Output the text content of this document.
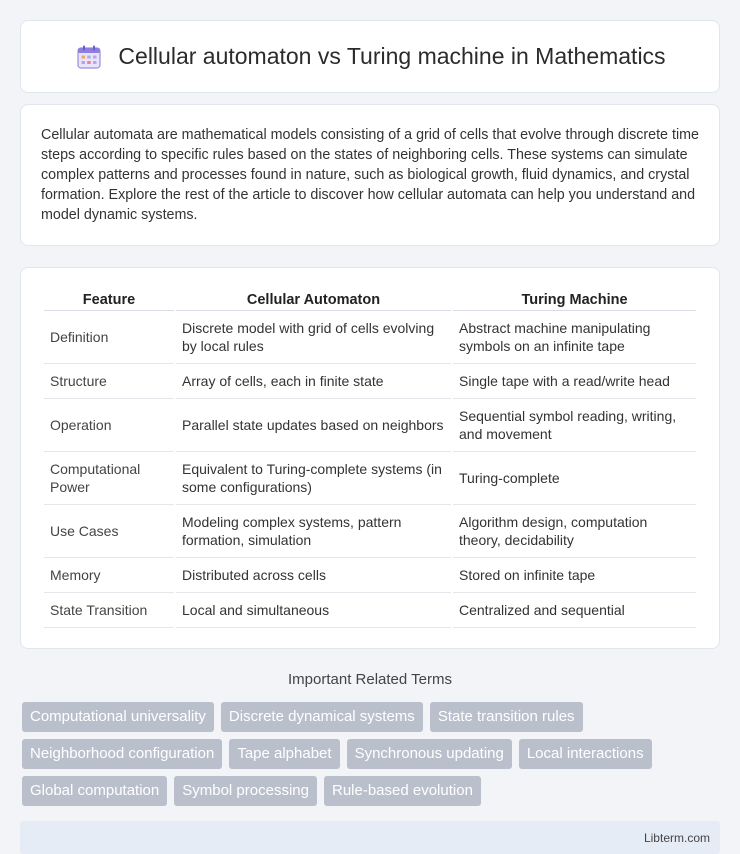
Cellular automaton vs Turing machine in Mathematics

Cellular automata are mathematical models consisting of a grid of cells that evolve through discrete time steps according to specific rules based on the states of neighboring cells. These systems can simulate complex patterns and processes found in nature, such as biological growth, fluid dynamics, and crystal formation. Explore the rest of the article to discover how cellular automata can help you understand and model dynamic systems.

Feature	Cellular Automaton	Turing Machine
Definition	Discrete model with grid of cells evolving by local rules	Abstract machine manipulating symbols on an infinite tape
Structure	Array of cells, each in finite state	Single tape with a read/write head
Operation	Parallel state updates based on neighbors	Sequential symbol reading, writing, and movement
Computational Power	Equivalent to Turing-complete systems (in some configurations)	Turing-complete
Use Cases	Modeling complex systems, pattern formation, simulation	Algorithm design, computation theory, decidability
Memory	Distributed across cells	Stored on infinite tape
State Transition	Local and simultaneous	Centralized and sequential
Important Related Terms
Computational universality	Discrete dynamical systems	State transition rules
Neighborhood configuration	Tape alphabet	Synchronous updating	Local interactions
Global computation	Symbol processing	Rule-based evolution
Libterm.com
